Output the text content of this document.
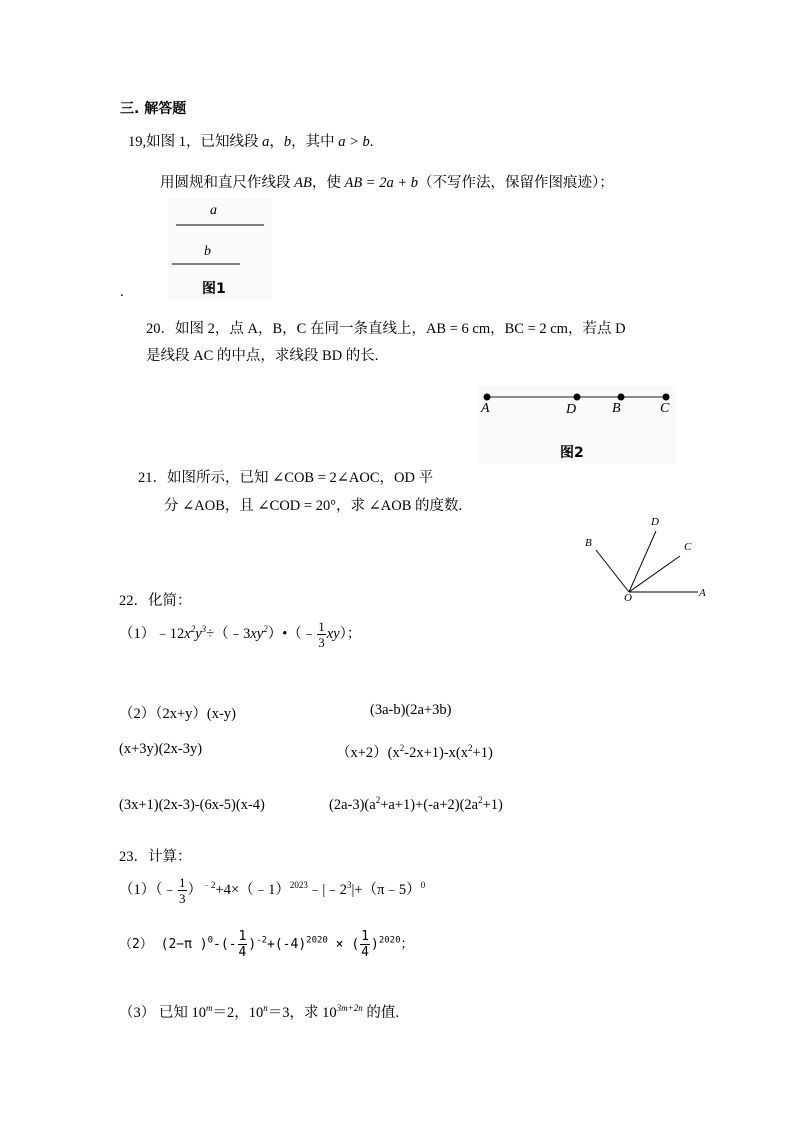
三. 解答题
19,如图 1，已知线段 a，b，其中 a > b.
用圆规和直尺作线段 AB，使 AB = 2a + b（不写作法，保留作图痕迹）；
a
b
图1
.
20．如图 2，点 A，B，C 在同一条直线上，AB = 6 cm，BC = 2 cm，若点 D
是线段 AC 的中点，求线段 BD 的长.
A	D	B	C
图2
21．如图所示，已知 ∠COB = 2∠AOC，OD 平
分 ∠AOB，且 ∠COD = 20°，求 ∠AOB 的度数.
D
B	C
O	A
22．化简：
$(1)﹣12x^2y^3\div(﹣3xy^2)•(﹣ \frac{1}{3} xy)$；
（2）（2x+y）(x-y)	(3a-b)(2a+3b)
(x+3y)(2x-3y)	$(x+2)(x^2-2x+1)-x(x^2+1)$
(3x+1)(2x-3)-(6x-5)(x-4)	$(2a-3)(a^2+a+1)+(-a+2)(2a^2+1)$
23．计算：
（1）（﹣ $\frac{1}{3}$ ）$^{﹣2}+4\times(﹣1)^{2023}﹣|﹣2^3|+(\pi﹣5)^0$
（2） (2−π )$^0-(- \frac{1}{4} )^{-2}+(-4)^{2020}$ × ( $\frac{1}{4} )^{2020}$；
（3） 已知 $10^m=2$，$10^n=3$，求 $10^{3m+2n}$ 的值.
